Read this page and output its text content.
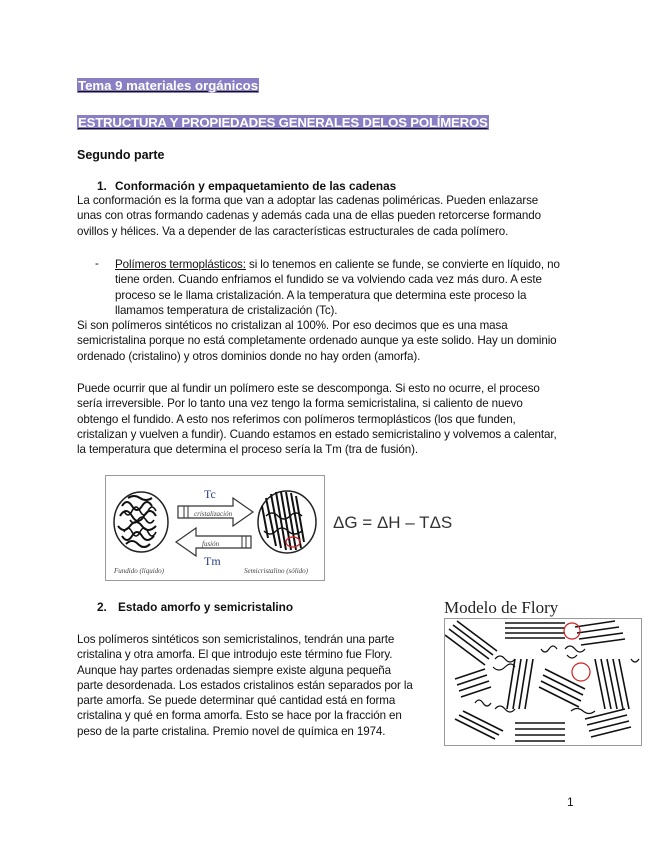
Tema 9 materiales orgánicos
ESTRUCTURA Y PROPIEDADES GENERALES DELOS POLÍMEROS
Segundo parte
1. Conformación y empaquetamiento de las cadenas
La conformación es la forma que van a adoptar las cadenas poliméricas. Pueden enlazarse
unas con otras formando cadenas y además cada una de ellas pueden retorcerse formando
ovillos y hélices. Va a depender de las características estructurales de cada polímero.
- Polímeros termoplásticos: si lo tenemos en caliente se funde, se convierte en líquido, no
tiene orden. Cuando enfriamos el fundido se va volviendo cada vez más duro. A este
proceso se le llama cristalización. A la temperatura que determina este proceso la
llamamos temperatura de cristalización (Tc).
Si son polímeros sintéticos no cristalizan al 100%. Por eso decimos que es una masa
semicristalina porque no está completamente ordenado aunque ya este solido. Hay un dominio
ordenado (cristalino) y otros dominios donde no hay orden (amorfa).
Puede ocurrir que al fundir un polímero este se descomponga. Si esto no ocurre, el proceso
sería irreversible. Por lo tanto una vez tengo la forma semicristalina, si caliento de nuevo
obtengo el fundido. A esto nos referimos con polímeros termoplásticos (los que funden,
cristalizan y vuelven a fundir). Cuando estamos en estado semicristalino y volvemos a calentar,
la temperatura que determina el proceso sería la Tm (tra de fusión).
Tc
Tm
cristalización
fusión
Fundido (líquido)	Semicristalino (sólido)
ΔG = ΔH – TΔS
2. Estado amorfo y semicristalino
Los polímeros sintéticos son semicristalinos, tendrán una parte
cristalina y otra amorfa. El que introdujo este término fue Flory.
Aunque hay partes ordenadas siempre existe alguna pequeña
parte desordenada. Los estados cristalinos están separados por la
parte amorfa. Se puede determinar qué cantidad está en forma
cristalina y qué en forma amorfa. Esto se hace por la fracción en
peso de la parte cristalina. Premio novel de química en 1974.
Modelo de Flory
1
